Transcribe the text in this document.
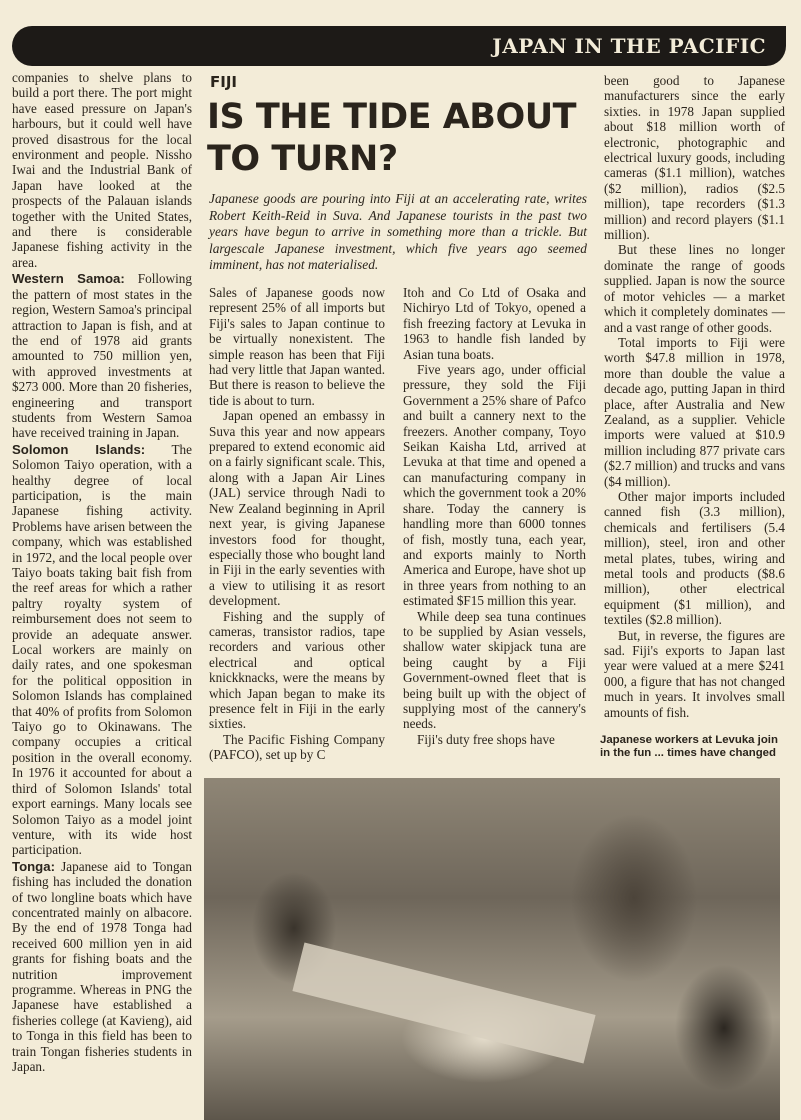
JAPAN IN THE PACIFIC

companies to shelve plans to build a port there. The port might have eased pressure on Japan's harbours, but it could well have proved disastrous for the local environment and people. Nissho Iwai and the Industrial Bank of Japan have looked at the prospects of the Palauan islands together with the United States, and there is considerable Japanese fishing activity in the area.

Western Samoa: Following the pattern of most states in the region, Western Samoa's principal attraction to Japan is fish, and at the end of 1978 aid grants amounted to 750 million yen, with approved investments at $273 000. More than 20 fisheries, engineering and transport students from Western Samoa have received training in Japan.

Solomon Islands: The Solomon Taiyo operation, with a healthy degree of local participation, is the main Japanese fishing activity. Problems have arisen between the company, which was established in 1972, and the local people over Taiyo boats taking bait fish from the reef areas for which a rather paltry royalty system of reimbursement does not seem to provide an adequate answer. Local workers are mainly on daily rates, and one spokesman for the political opposition in Solomon Islands has complained that 40% of profits from Solomon Taiyo go to Okinawans. The company occupies a critical position in the overall economy. In 1976 it accounted for about a third of Solomon Islands' total export earnings. Many locals see Solomon Taiyo as a model joint venture, with its wide host participation.

Tonga: Japanese aid to Tongan fishing has included the donation of two longline boats which have concentrated mainly on albacore. By the end of 1978 Tonga had received 600 million yen in aid grants for fishing boats and the nutrition improvement programme. Whereas in PNG the Japanese have established a fisheries college (at Kavieng), aid to Tonga in this field has been to train Tongan fisheries students in Japan.

FIJI
IS THE TIDE ABOUT TO TURN?
Japanese goods are pouring into Fiji at an accelerating rate, writes Robert Keith-Reid in Suva. And Japanese tourists in the past two years have begun to arrive in something more than a trickle. But largescale Japanese investment, which five years ago seemed imminent, has not materialised.

Sales of Japanese goods now represent 25% of all imports but Fiji's sales to Japan continue to be virtually nonexistent. The simple reason has been that Fiji had very little that Japan wanted. But there is reason to believe the tide is about to turn.

Japan opened an embassy in Suva this year and now appears prepared to extend economic aid on a fairly significant scale. This, along with a Japan Air Lines (JAL) service through Nadi to New Zealand beginning in April next year, is giving Japanese investors food for thought, especially those who bought land in Fiji in the early seventies with a view to utilising it as resort development.

Fishing and the supply of cameras, transistor radios, tape recorders and various other electrical and optical knickknacks, were the means by which Japan began to make its presence felt in Fiji in the early sixties.

The Pacific Fishing Company (PAFCO), set up by C

Itoh and Co Ltd of Osaka and Nichiryo Ltd of Tokyo, opened a fish freezing factory at Levuka in 1963 to handle fish landed by Asian tuna boats.

Five years ago, under official pressure, they sold the Fiji Government a 25% share of Pafco and built a cannery next to the freezers. Another company, Toyo Seikan Kaisha Ltd, arrived at Levuka at that time and opened a can manufacturing company in which the government took a 20% share. Today the cannery is handling more than 6000 tonnes of fish, mostly tuna, each year, and exports mainly to North America and Europe, have shot up in three years from nothing to an estimated $F15 million this year.

While deep sea tuna continues to be supplied by Asian vessels, shallow water skipjack tuna are being caught by a Fiji Government-owned fleet that is being built up with the object of supplying most of the cannery's needs.

Fiji's duty free shops have

been good to Japanese manufacturers since the early sixties. in 1978 Japan supplied about $18 million worth of electronic, photographic and electrical luxury goods, including cameras ($1.1 million), watches ($2 million), radios ($2.5 million), tape recorders ($1.3 million) and record players ($1.1 million).

But these lines no longer dominate the range of goods supplied. Japan is now the source of motor vehicles — a market which it completely dominates — and a vast range of other goods.

Total imports to Fiji were worth $47.8 million in 1978, more than double the value a decade ago, putting Japan in third place, after Australia and New Zealand, as a supplier. Vehicle imports were valued at $10.9 million including 877 private cars ($2.7 million) and trucks and vans ($4 million).

Other major imports included canned fish (3.3 million), chemicals and fertilisers (5.4 million), steel, iron and other metal plates, tubes, wiring and metal tools and products ($8.6 million), other electrical equipment ($1 million), and textiles ($2.8 million).

But, in reverse, the figures are sad. Fiji's exports to Japan last year were valued at a mere $241 000, a figure that has not changed much in years. It involves small amounts of fish.

Japanese workers at Levuka join in the fun ... times have changed
